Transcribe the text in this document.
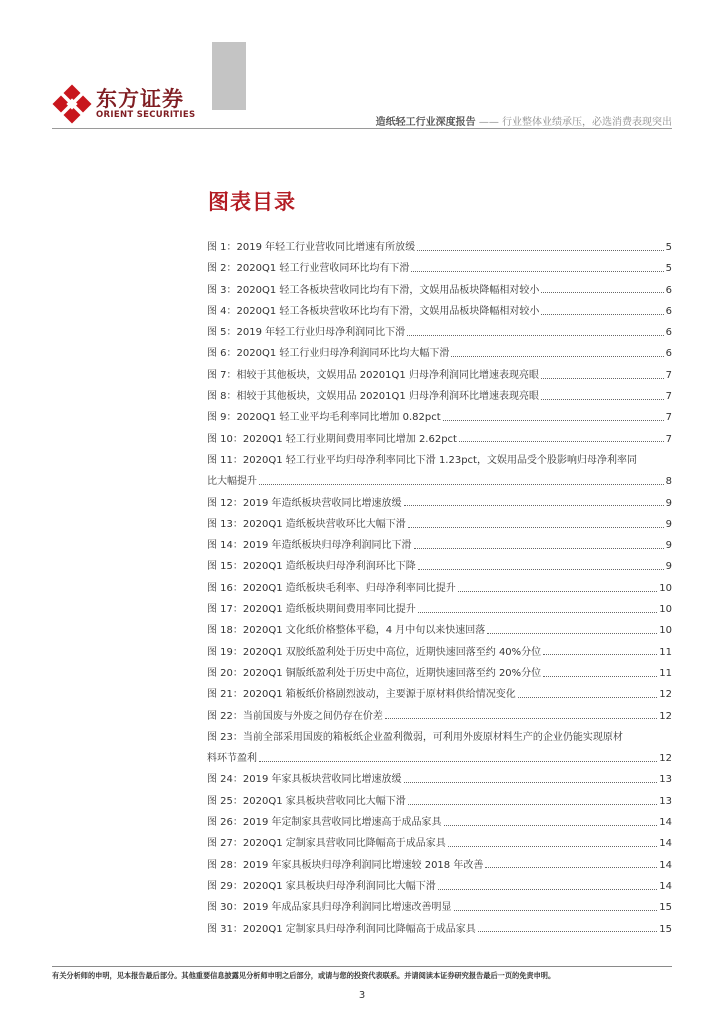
东方证券
ORIENT SECURITIES
造纸轻工行业深度报告 —— 行业整体业绩承压，必选消费表现突出
图表目录
图 1：2019 年轻工行业营收同比增速有所放缓	5
图 2：2020Q1 轻工行业营收同环比均有下滑	5
图 3：2020Q1 轻工各板块营收同比均有下滑，文娱用品板块降幅相对较小	6
图 4：2020Q1 轻工各板块营收环比均有下滑，文娱用品板块降幅相对较小	6
图 5：2019 年轻工行业归母净利润同比下滑	6
图 6：2020Q1 轻工行业归母净利润同环比均大幅下滑	6
图 7：相较于其他板块，文娱用品 20201Q1 归母净利润同比增速表现亮眼	7
图 8：相较于其他板块，文娱用品 20201Q1 归母净利润环比增速表现亮眼	7
图 9：2020Q1 轻工业平均毛利率同比增加 0.82pct	7
图 10：2020Q1 轻工行业期间费用率同比增加 2.62pct	7
图 11：2020Q1 轻工行业平均归母净利率同比下滑 1.23pct，文娱用品受个股影响归母净利率同
比大幅提升	8
图 12：2019 年造纸板块营收同比增速放缓	9
图 13：2020Q1 造纸板块营收环比大幅下滑	9
图 14：2019 年造纸板块归母净利润同比下滑	9
图 15：2020Q1 造纸板块归母净利润环比下降	9
图 16：2020Q1 造纸板块毛利率、归母净利率同比提升	10
图 17：2020Q1 造纸板块期间费用率同比提升	10
图 18：2020Q1 文化纸价格整体平稳，4 月中旬以来快速回落	10
图 19：2020Q1 双胶纸盈利处于历史中高位，近期快速回落至约 40%分位	11
图 20：2020Q1 铜版纸盈利处于历史中高位，近期快速回落至约 20%分位	11
图 21：2020Q1 箱板纸价格剧烈波动，主要源于原材料供给情况变化	12
图 22：当前国废与外废之间仍存在价差	12
图 23：当前全部采用国废的箱板纸企业盈利微弱，可利用外废原材料生产的企业仍能实现原材
料环节盈利	12
图 24：2019 年家具板块营收同比增速放缓	13
图 25：2020Q1 家具板块营收同比大幅下滑	13
图 26：2019 年定制家具营收同比增速高于成品家具	14
图 27：2020Q1 定制家具营收同比降幅高于成品家具	14
图 28：2019 年家具板块归母净利润同比增速较 2018 年改善	14
图 29：2020Q1 家具板块归母净利润同比大幅下滑	14
图 30：2019 年成品家具归母净利润同比增速改善明显	15
图 31：2020Q1 定制家具归母净利润同比降幅高于成品家具	15
有关分析师的申明，见本报告最后部分。其他重要信息披露见分析师申明之后部分，或请与您的投资代表联系。并请阅读本证券研究报告最后一页的免责申明。
3
